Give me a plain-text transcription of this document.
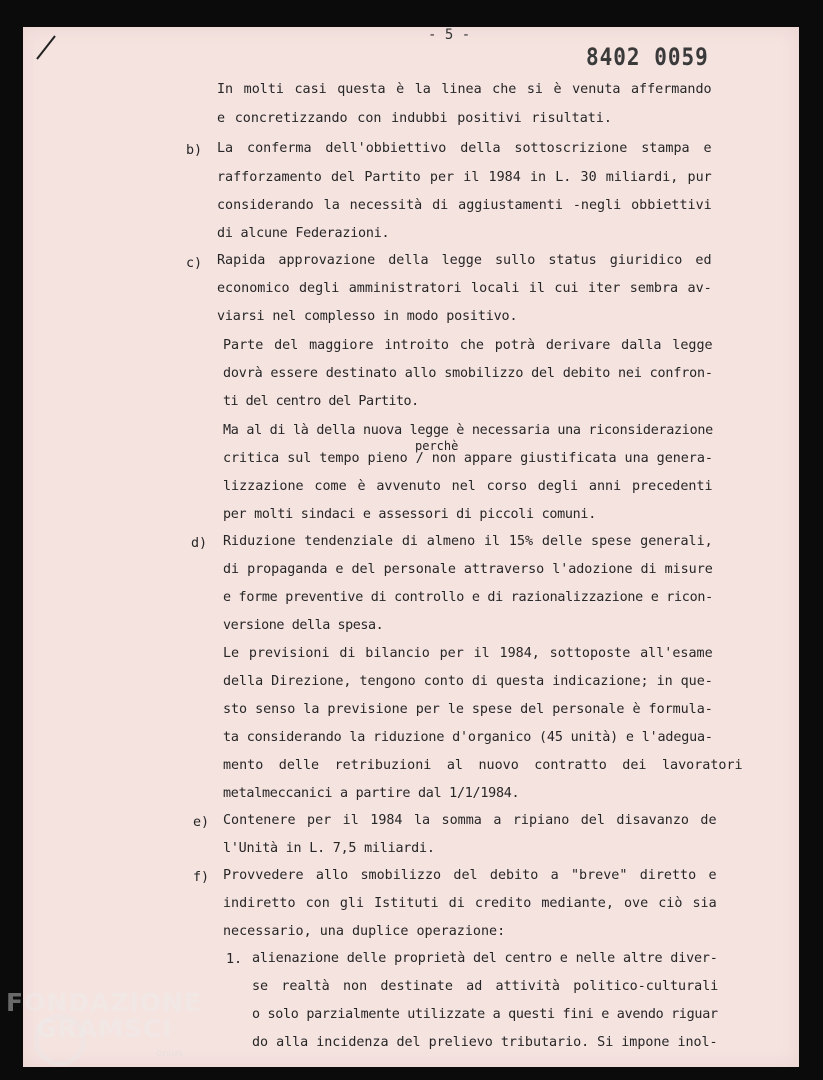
- 5 -
8402 0059
In molti casi questa è la linea che si è venuta affermando
e concretizzando con indubbi positivi risultati.
b) La conferma dell'obbiettivo della sottoscrizione stampa e
rafforzamento del Partito per il 1984 in L. 30 miliardi, pur
considerando la necessità di aggiustamenti -negli obbiettivi
di alcune Federazioni.
c) Rapida approvazione della legge sullo status giuridico ed
economico degli amministratori locali il cui iter sembra av-
viarsi nel complesso in modo positivo.
Parte del maggiore introito che potrà derivare dalla legge
dovrà essere destinato allo smobilizzo del debito nei confron-
ti del centro del Partito.
Ma al di là della nuova legge è necessaria una riconsiderazione
perchè
critica sul tempo pieno / non appare giustificata una genera-
lizzazione come è avvenuto nel corso degli anni precedenti
per molti sindaci e assessori di piccoli comuni.
d) Riduzione tendenziale di almeno il 15% delle spese generali,
di propaganda e del personale attraverso l'adozione di misure
e forme preventive di controllo e di razionalizzazione e ricon-
versione della spesa.
Le previsioni di bilancio per il 1984, sottoposte all'esame
della Direzione, tengono conto di questa indicazione; in que-
sto senso la previsione per le spese del personale è formula-
ta considerando la riduzione d'organico (45 unità) e l'adegua-
mento delle retribuzioni al nuovo contratto dei lavoratori
metalmeccanici a partire dal 1/1/1984.
e) Contenere per il 1984 la somma a ripiano del disavanzo de
l'Unità in L. 7,5 miliardi.
f) Provvedere allo smobilizzo del debito a "breve" diretto e
indiretto con gli Istituti di credito mediante, ove ciò sia
necessario, una duplice operazione:
1. alienazione delle proprietà del centro e nelle altre diver-
se realtà non destinate ad attività politico-culturali
o solo parzialmente utilizzate a questi fini e avendo riguar
do alla incidenza del prelievo tributario. Si impone inol-
FONDAZIONE
GRAMSCI
onlus
